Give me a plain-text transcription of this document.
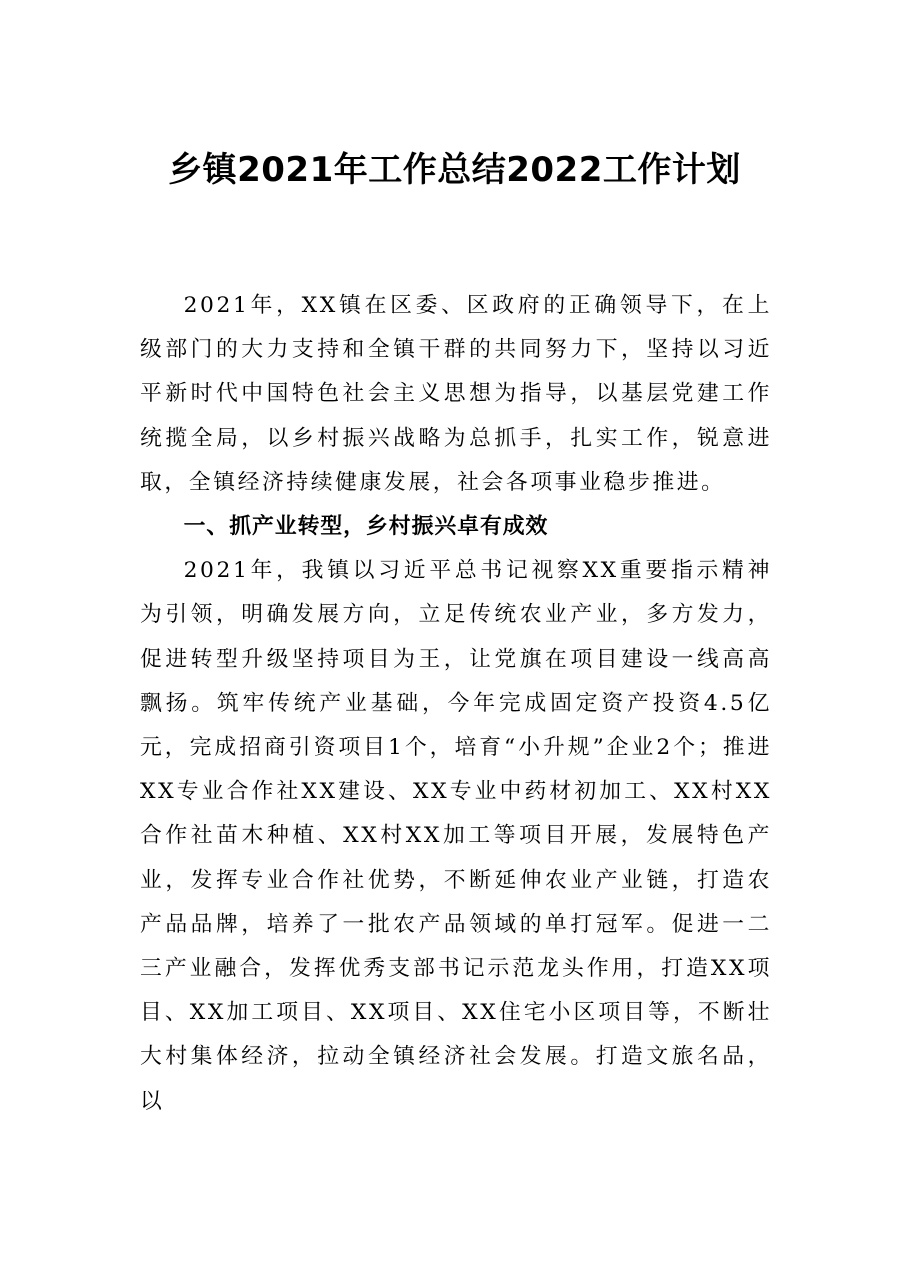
乡镇2021年工作总结2022工作计划

2021年，XX镇在区委、区政府的正确领导下，在上级部门的大力支持和全镇干群的共同努力下，坚持以习近平新时代中国特色社会主义思想为指导，以基层党建工作统揽全局，以乡村振兴战略为总抓手，扎实工作，锐意进取，全镇经济持续健康发展，社会各项事业稳步推进。

一、抓产业转型，乡村振兴卓有成效

2021年，我镇以习近平总书记视察XX重要指示精神为引领，明确发展方向，立足传统农业产业，多方发力，促进转型升级坚持项目为王，让党旗在项目建设一线高高飘扬。筑牢传统产业基础，今年完成固定资产投资4.5亿元，完成招商引资项目1个，培育“小升规”企业2个；推进XX专业合作社XX建设、XX专业中药材初加工、XX村XX合作社苗木种植、XX村XX加工等项目开展，发展特色产业，发挥专业合作社优势，不断延伸农业产业链，打造农产品品牌，培养了一批农产品领域的单打冠军。促进一二三产业融合，发挥优秀支部书记示范龙头作用，打造XX项目、XX加工项目、XX项目、XX住宅小区项目等，不断壮大村集体经济，拉动全镇经济社会发展。打造文旅名品，以
